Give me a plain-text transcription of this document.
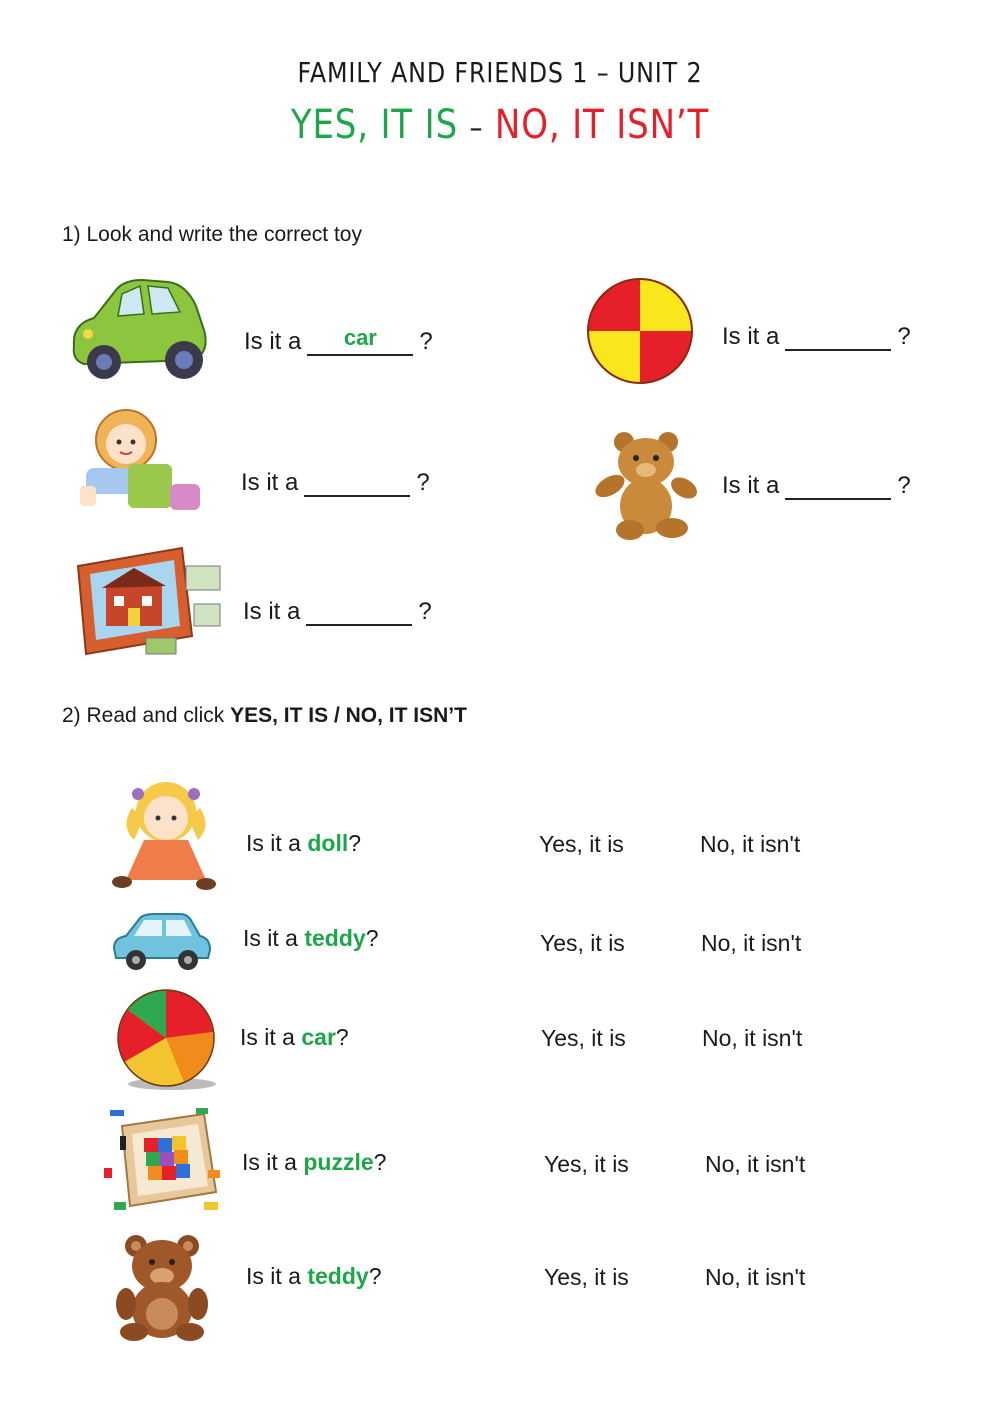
FAMILY AND FRIENDS 1 – UNIT 2
YES, IT IS – NO, IT ISN’T
1) Look and write the correct toy
Is it acar	?	Is it a	?
Is it a	?	Is it a	?
Is it a	?
2) Read and click YES, IT IS / NO, IT ISN’T
Is it a doll?	Yes, it is	No, it isn't
Is it a teddy?	Yes, it is	No, it isn't
Is it a car?	Yes, it is	No, it isn't
Is it a puzzle?	Yes, it is	No, it isn't
Is it a teddy?	Yes, it is	No, it isn't
